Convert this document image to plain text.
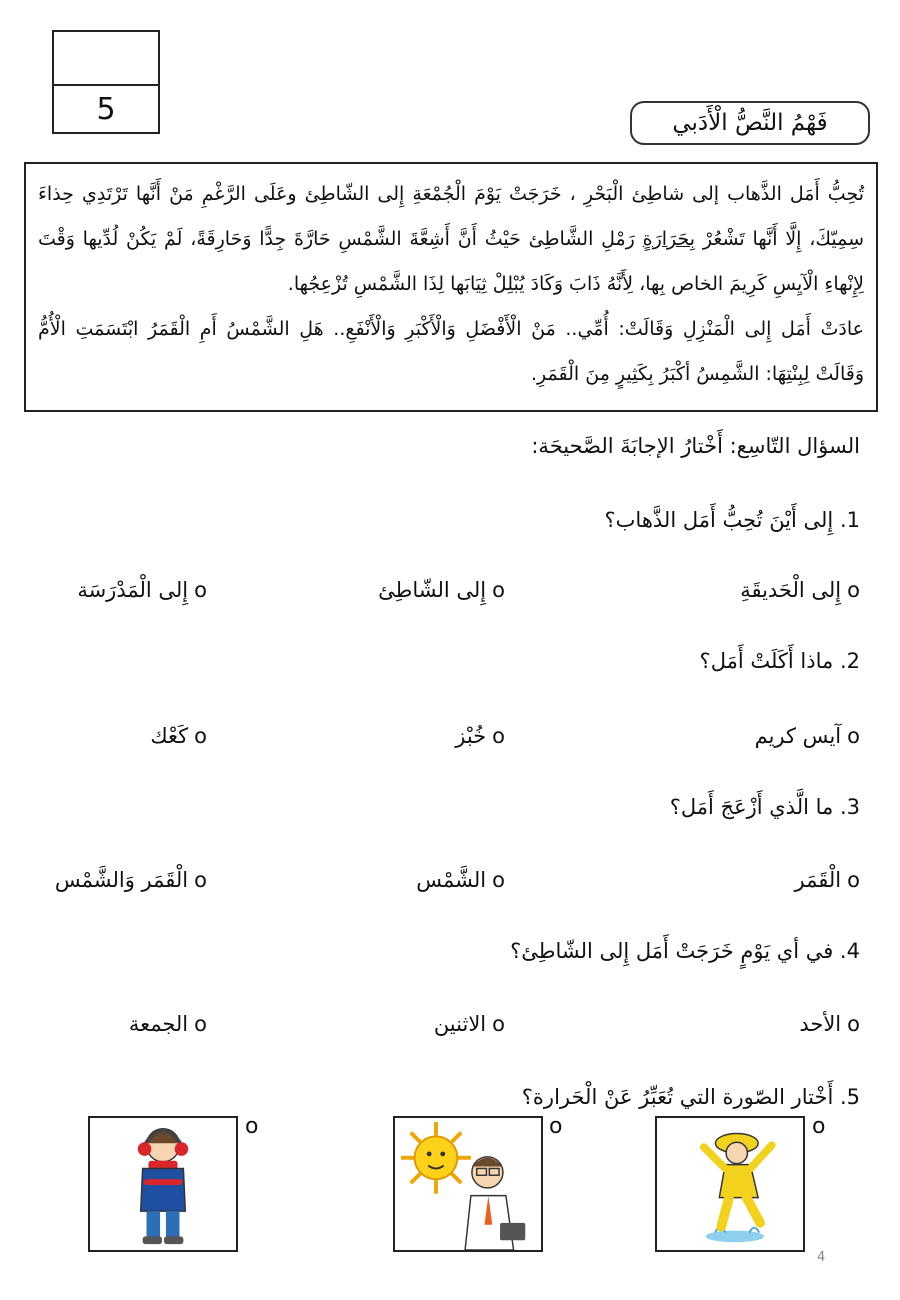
5	فَهْمُ النَّصُّ الْأَدَبي

تُحِبُّ أَمَل الذَّهاب إلى شاطِئ الْبَحْرِ ، خَرَجَتْ يَوْمَ الْجُمْعَةِ إِلى الشّاطِئ وعَلَى الرَّغْمِ مَنْ أَنَّها تَرْتَدِي حِذاءَ سِمِيّكَ، إِلَّا أَنَّها تَشْعُرْ بِحَرَارَةٍ رَمْلِ الشَّاطِئ حَيْثُ أَنَّ أَشِعَّةَ الشَّمْسِ حَارَّةَ جِدًّا وَحَارِقَةً، لَمْ يَكُنْ لُدِّيها وَقْتَ لِإِنْهاءِ الْآيِسِ كَرِيمَ الخاص بِها، لِأَنَّهُ ذَابَ وَكَادَ يُبْلِلْ ثِيَابَها لِذَا الشَّمْسِ تُزْعِجُها.

عادَتْ أَمَل إِلى الْمَنْزِلِ وَقَالَتْ: أُمِّي.. مَنْ الْأَفْضَلِ وَالْأَكْبَرِ وَالْأَنْفَعِ.. هَلِ الشَّمْسُ أَمِ الْقَمَرُ ابْتَسَمَتِ الْأُمُّ وَقَالَتْ لِبِنْتِهَا: الشَّمِسُ أكْبَرُ بِكَثِيرٍ مِنَ الْقَمَرِ.

السؤال التّاسِع: أَخْتارُ الإجابَةَ الصَّحيحَة:
1. إِلى أَيْنَ تُحِبُّ أَمَل الذَّهاب؟
oإِلى الْحَديقَةِ
oإِلى الشّاطِئ
oإِلى الْمَدْرَسَة
2. ماذا أَكَلَتْ أَمَل؟
oآيس كريم
oخُبْز
oكَعْك
3. ما الَّذي أَزْعَجَ أَمَل؟
oالْقَمَر
oالشَّمْس
oالْقَمَر وَالشَّمْس
4. في أي يَوْمٍ خَرَجَتْ أَمَل إِلى الشّاطِئ؟
oالأحد
oالاثنين
oالجمعة
5. أَخْتار الصّورة التي تُعَبِّرُ عَنْ الْحَرارة؟
o
o
o
4
